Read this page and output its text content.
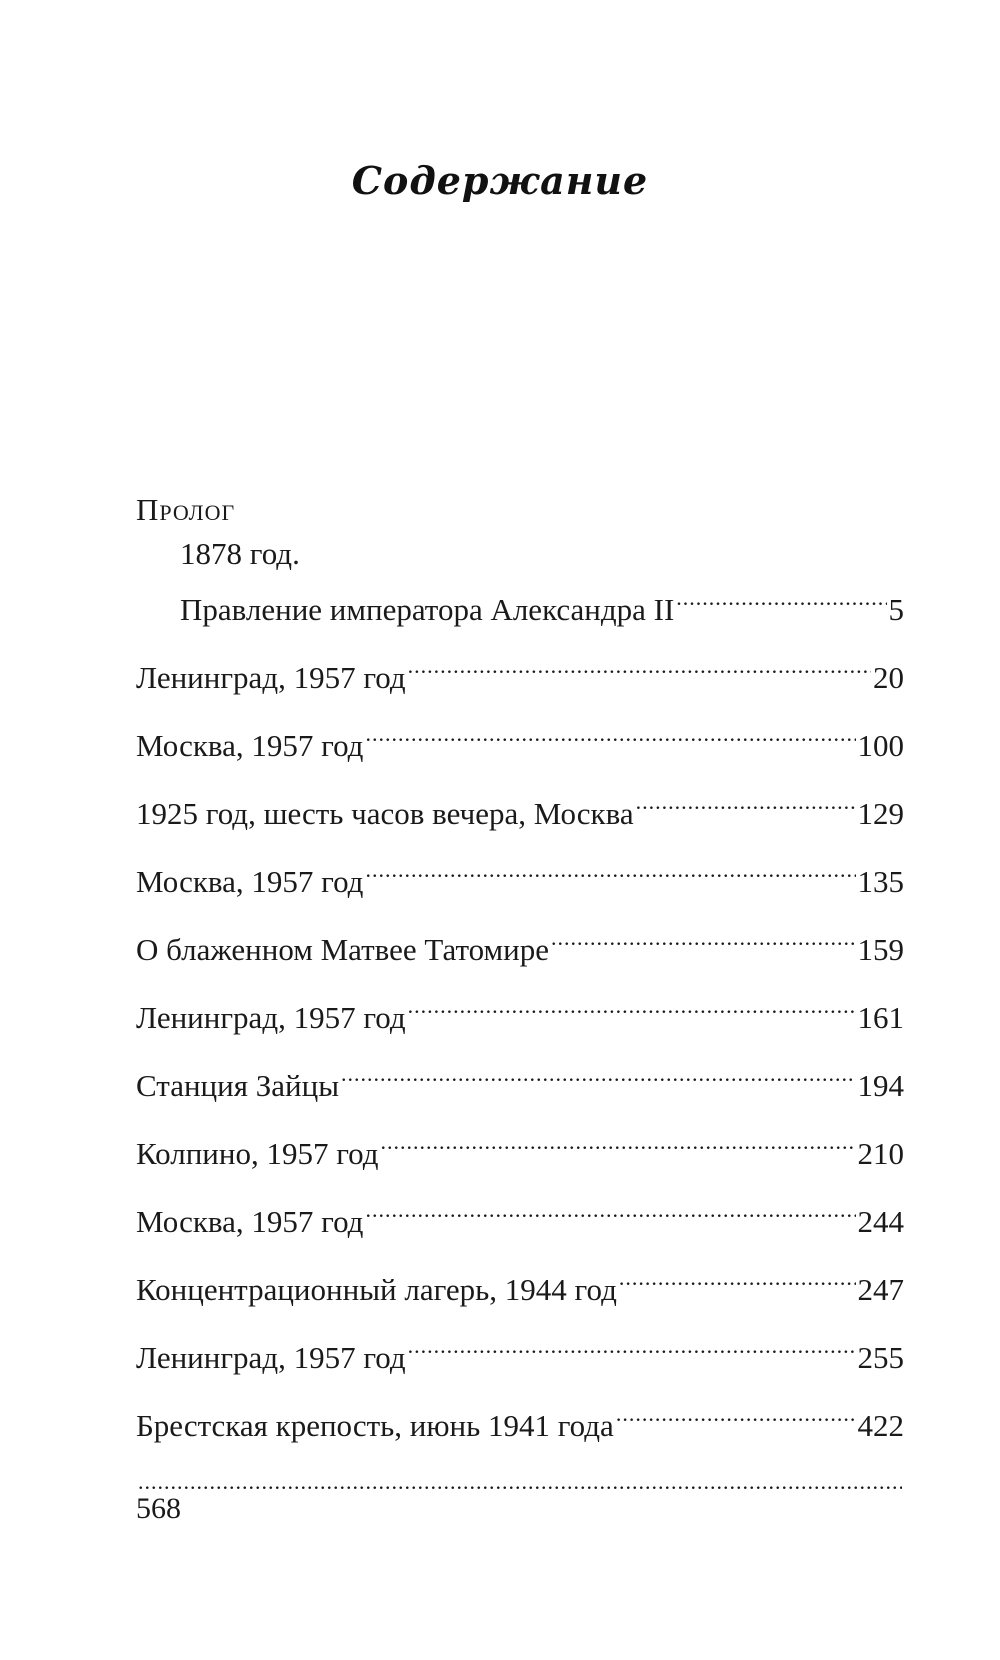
Содержание
Пролог
1878 год.
Правление императора Александра II .....	5
Ленинград, 1957 год .....	20
Москва, 1957 год .....	100
1925 год, шесть часов вечера, Москва .....	129
Москва, 1957 год .....	135
О блаженном Матвее Татомире .....	159
Ленинград, 1957 год .....	161
Станция Зайцы .....	194
Колпино, 1957 год .....	210
Москва, 1957 год .....	244
Концентрационный лагерь, 1944 год .....	247
Ленинград, 1957 год .....	255
Брестская крепость, июнь 1941 года .....	422
.....
568
